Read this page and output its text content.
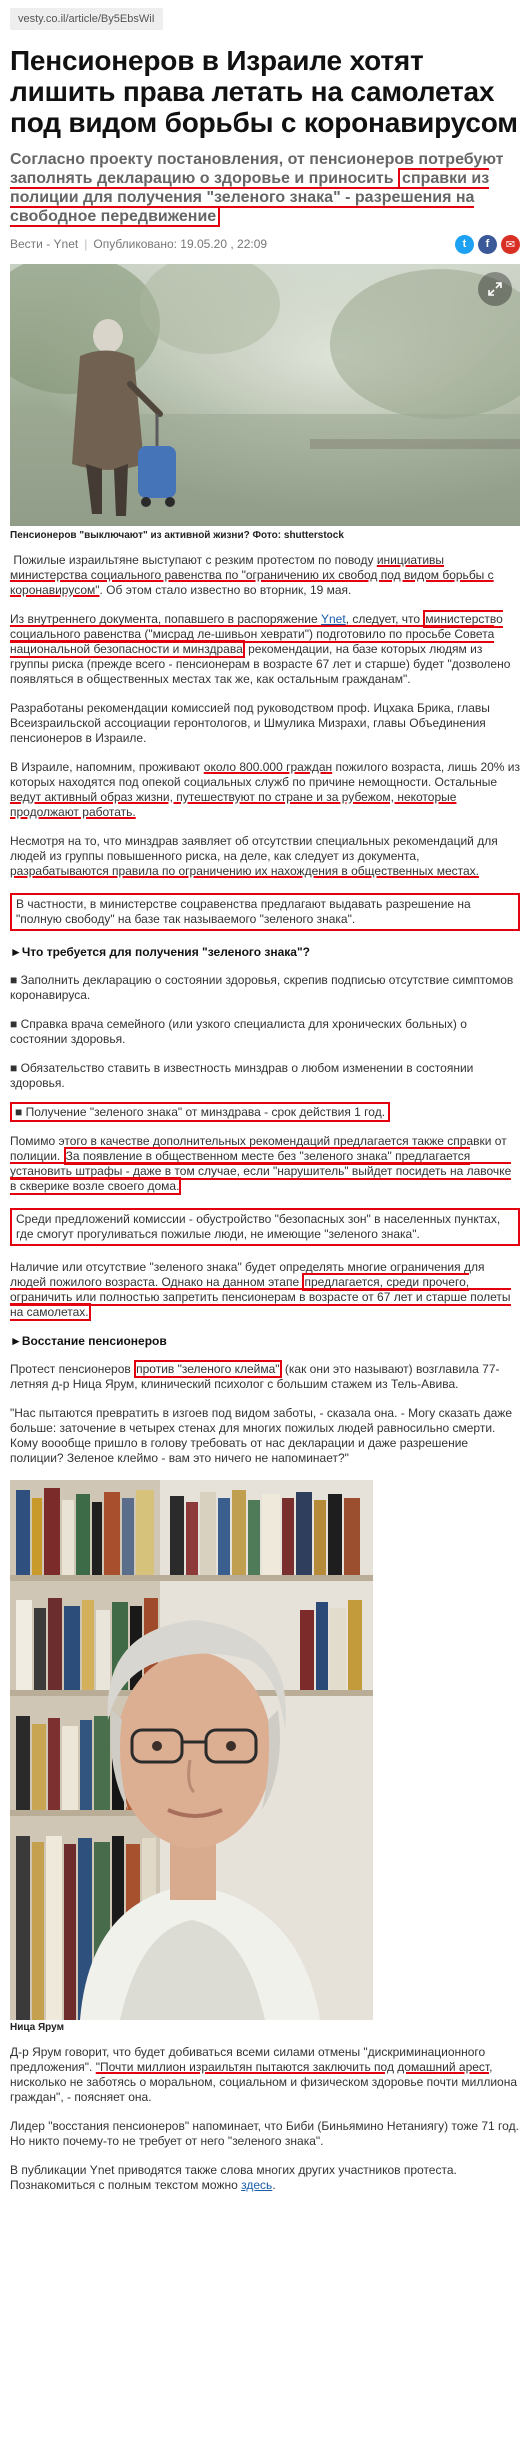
vesty.co.il/article/By5EbsWiI
Пенсионеров в Израиле хотят лишить права летать на самолетах под видом борьбы с коронавирусом
Согласно проекту постановления, от пенсионеров потребуют заполнять декларацию о здоровье и приносить справки из полиции для получения "зеленого знака" - разрешения на свободное передвижение
Вести - Ynet | Опубликовано: 19.05.20 , 22:09	t	f	✉
Пенсионеров "выключают" из активной жизни? Фото: shutterstock

Пожилые израильтяне выступают с резким протестом по поводу инициативы министерства социального равенства по "ограничению их свобод под видом борьбы с коронавирусом". Об этом стало известно во вторник, 19 мая.

Из внутреннего документа, попавшего в распоряжение Ynet, следует, что министерство социального равенства ("мисрад ле-шивьон хеврати") подготовило по просьбе Совета национальной безопасности и минздрава рекомендации, на базе которых людям из группы риска (прежде всего - пенсионерам в возрасте 67 лет и старше) будет "дозволено появляться в общественных местах так же, как остальным гражданам".

Разработаны рекомендации комиссией под руководством проф. Ицхака Брика, главы Всеизраильской ассоциации геронтологов, и Шмулика Мизрахи, главы Объединения пенсионеров в Израиле.

В Израиле, напомним, проживают около 800.000 граждан пожилого возраста, лишь 20% из которых находятся под опекой социальных служб по причине немощности. Остальные ведут активный образ жизни, путешествуют по стране и за рубежом, некоторые продолжают работать.

Несмотря на то, что минздрав заявляет об отсутствии специальных рекомендаций для людей из группы повышенного риска, на деле, как следует из документа, разрабатываются правила по ограничению их нахождения в общественных местах.

В частности, в министерстве соцравенства предлагают выдавать разрешение на "полную свободу" на базе так называемого "зеленого знака".

►Что требуется для получения "зеленого знака"?

■ Заполнить декларацию о состоянии здоровья, скрепив подписью отсутствие симптомов коронавируса.

■ Справка врача семейного (или узкого специалиста для хронических больных) о состоянии здоровья.

■ Обязательство ставить в известность минздрав о любом изменении в состоянии здоровья.

■ Получение "зеленого знака" от минздрава - срок действия 1 год.

Помимо этого в качестве дополнительных рекомендаций предлагается также справки от полиции. За появление в общественном месте без "зеленого знака" предлагается установить штрафы - даже в том случае, если "нарушитель" выйдет посидеть на лавочке в скверике возле своего дома.

Среди предложений комиссии - обустройство "безопасных зон" в населенных пунктах, где смогут прогуливаться пожилые люди, не имеющие "зеленого знака".

Наличие или отсутствие "зеленого знака" будет определять многие ограничения для людей пожилого возраста. Однако на данном этапе предлагается, среди прочего, ограничить или полностью запретить пенсионерам в возрасте от 67 лет и старше полеты на самолетах.

►Восстание пенсионеров

Протест пенсионеров против "зеленого клейма" (как они это называют) возглавила 77-летняя д-р Ница Ярум, клинический психолог с большим стажем из Тель-Авива.

"Нас пытаются превратить в изгоев под видом заботы, - сказала она. - Могу сказать даже больше: заточение в четырех стенах для многих пожилых людей равносильно смерти. Кому воообще пришло в голову требовать от нас декларации и даже разрешение полиции? Зеленое клеймо - вам это ничего не напоминает?"

Ница Ярум

Д-р Ярум говорит, что будет добиваться всеми силами отмены "дискриминационного предложения". "Почти миллион израильтян пытаются заключить под домашний арест, нисколько не заботясь о моральном, социальном и физическом здоровье почти миллиона граждан", - поясняет она.

Лидер "восстания пенсионеров" напоминает, что Биби (Биньямино Нетаниягу) тоже 71 год. Но никто почему-то не требует от него "зеленого знака".

В публикации Ynet приводятся также слова многих других участников протеста. Познакомиться с полным текстом можно здесь.
